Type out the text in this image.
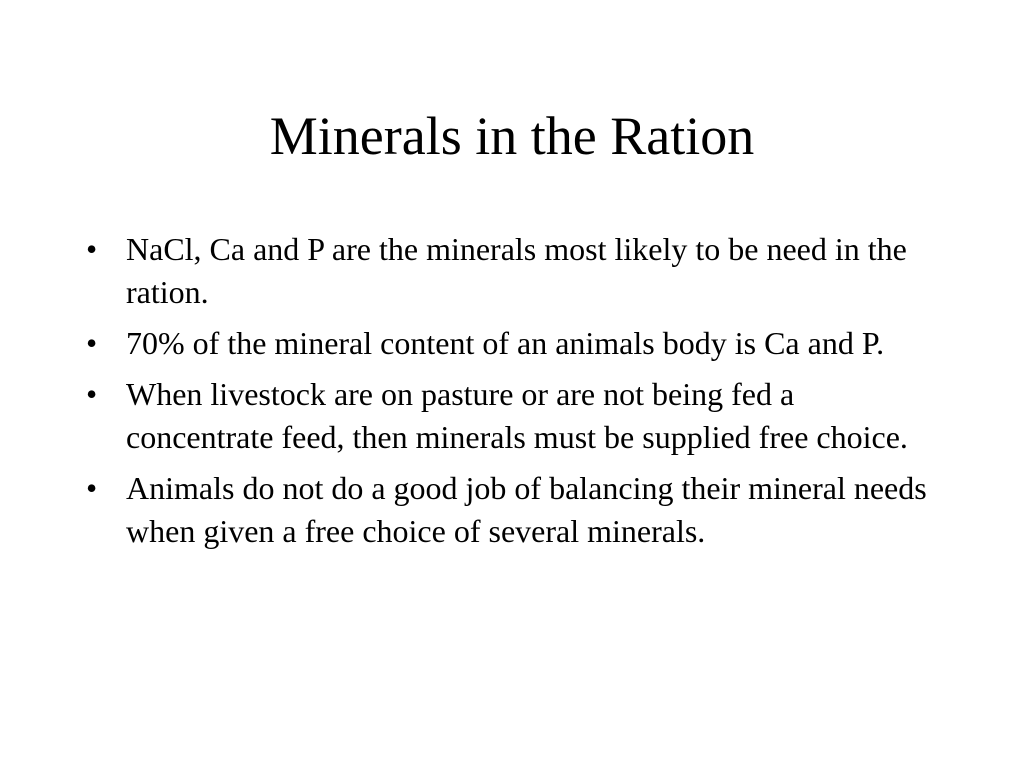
Minerals in the Ration
• NaCl, Ca and P are the minerals most likely to be need in the ration.
• 70% of the mineral content of an animals body is Ca and P.
• When livestock are on pasture or are not being fed a concentrate feed, then minerals must be supplied free choice.
• Animals do not do a good job of balancing their mineral needs when given a free choice of several minerals.
